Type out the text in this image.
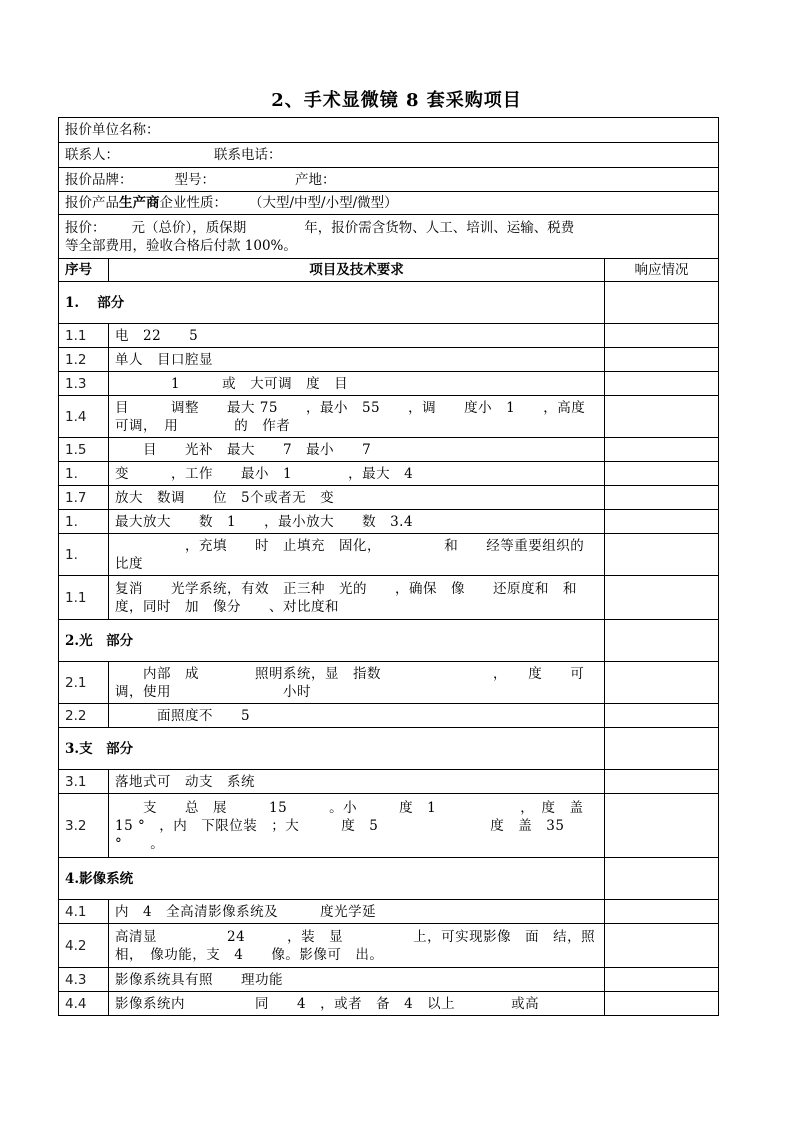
2、手术显微镜 8 套采购项目
报价单位名称：		
联系人： 联系电话：		
报价品牌： 型号： 产地：		
报价产品生产商企业性质： （大型/中型/小型/微型）		
报价： 元（总价），质保期 年，报价需含货物、人工、培训、运输、税费
等全部费用，验收合格后付款 100%。		
序号	项目及技术要求	响应情况
1.　 部分		
1.1	电　22　　5	
1.2	单人　目口腔显	
1.3	　　　　1　　　或　大可调　度　目	
1.4	目　　　调整　　最大 75　　，最小　55　　，调　　度小　1　　，高度可调，　用　　　　的　作者	
1.5	　　目　　光补　最大　　7　最小　　7	
1.	变　　　，工作　　最小　1　　　　，最大　4	
1.7	放大　数调　　位　5个或者无　变	
1.	最大放大　　数　1　　，最小放大　　数　3.4	
1.	　　　　　，充填　　时　止填充　固化，　　　　　和　　经等重要组织的比度	
1.1	复消　　光学系统，有效　正三种　光的　　，确保　像　　还原度和　和度，同时　加　像分　　、对比度和	
2.光　部分		
2.1	　　内部　成　　　　照明系统，显　指数　　　　　　　　，　　度　　可调，使用　　　　　　　　小时	
2.2	　　　面照度不　　5	
3.支　部分		
3.1	落地式可　动支　系统	
3.2	　　支　　总　展　　　15　　　。小　　　度　1　　　　　　，　度　盖　15 °　，内　下限位装　；大　　　度　5　　　　　　　　度　盖　35 °　　。	
4.影像系统		
4.1	内　4　全高清影像系统及　　　度光学延	
4.2	高清显　　　　　24　　　，装　显　　　　　上，可实现影像　面　结，照相，　像功能，支　4　　像。影像可　出。	
4.3	影像系统具有照　　理功能	
4.4	影像系统内　　　　　同　　4　，或者　备　4　以上　　　　或高	
